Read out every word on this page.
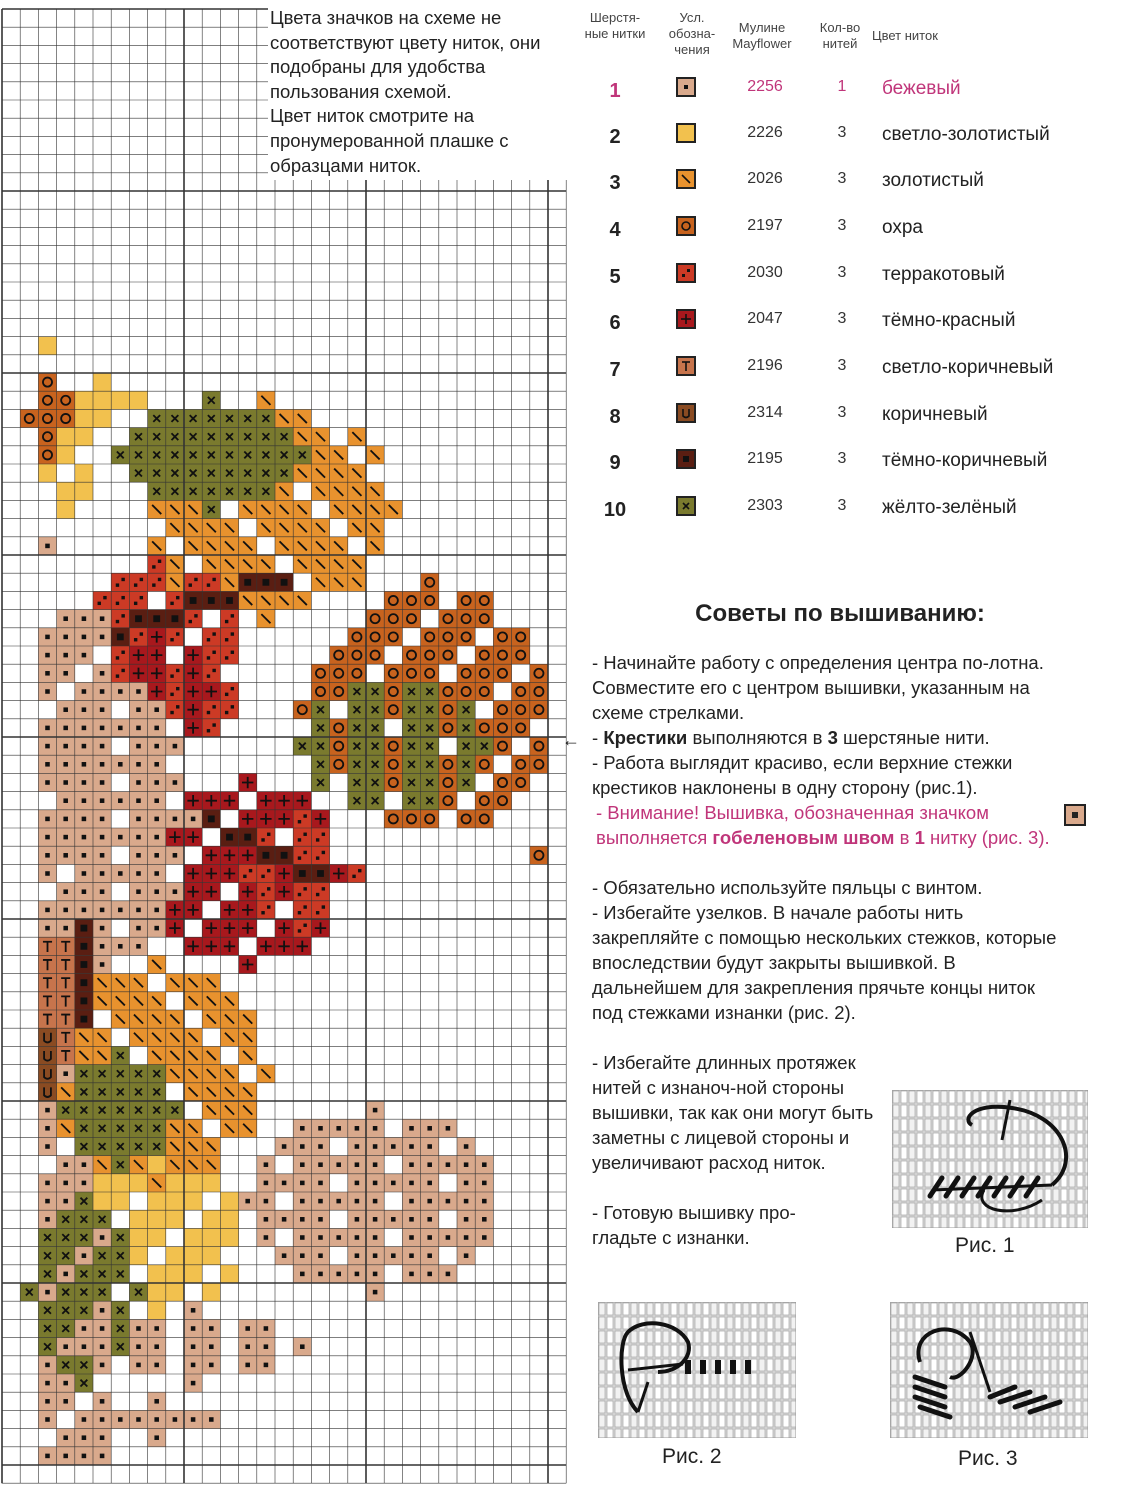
Цвета значков на схеме не соответствуют цвету ниток, они подобраны для удобства пользования схемой.

Цвет ниток смотрите на пронумерованной плашке с образцами ниток.

Шерстя-ные нитки
Усл. обозна-чения
Мулине Mayflower
Кол-во нитей
Цвет ниток
1	2256	1	бежевый
2	2226	3	светло-золотистый
3	2026	3	золотистый
4	2197	3	охра
5	2030	3	терракотовый
6	2047	3	тёмно-красный
7	2196	3	светло-коричневый
8	2314	3	коричневый
9	2195	3	тёмно-коричневый
10	2303	3	жёлто-зелёный
Советы по вышиванию:
←
- Начинайте работу с определения центра по-лотна. Совместите его с центром вышивки, указанным на схеме стрелками.
- Крестики выполняются в 3 шерстяные нити.
- Работа выглядит красиво, если верхние стежки крестиков наклонены в одну сторону (рис.1).
- Внимание! Вышивка, обозначенная значком выполняется гобеленовым швом в 1 нитку (рис. 3).
- Обязательно используйте пяльцы с винтом.
- Избегайте узелков. В начале работы нить закрепляйте с помощью нескольких стежков, которые впоследствии будут закрыты вышивкой. В дальнейшем для закрепления прячьте концы ниток под стежками изнанки (рис. 2).
- Избегайте длинных протяжек нитей с изнаноч-ной стороны вышивки, так как они могут быть заметны с лицевой стороны и увеличивают расход ниток.
- Готовую вышивку про-гладьте с изнанки.	Рис. 1
Рис. 2	Рис. 3
